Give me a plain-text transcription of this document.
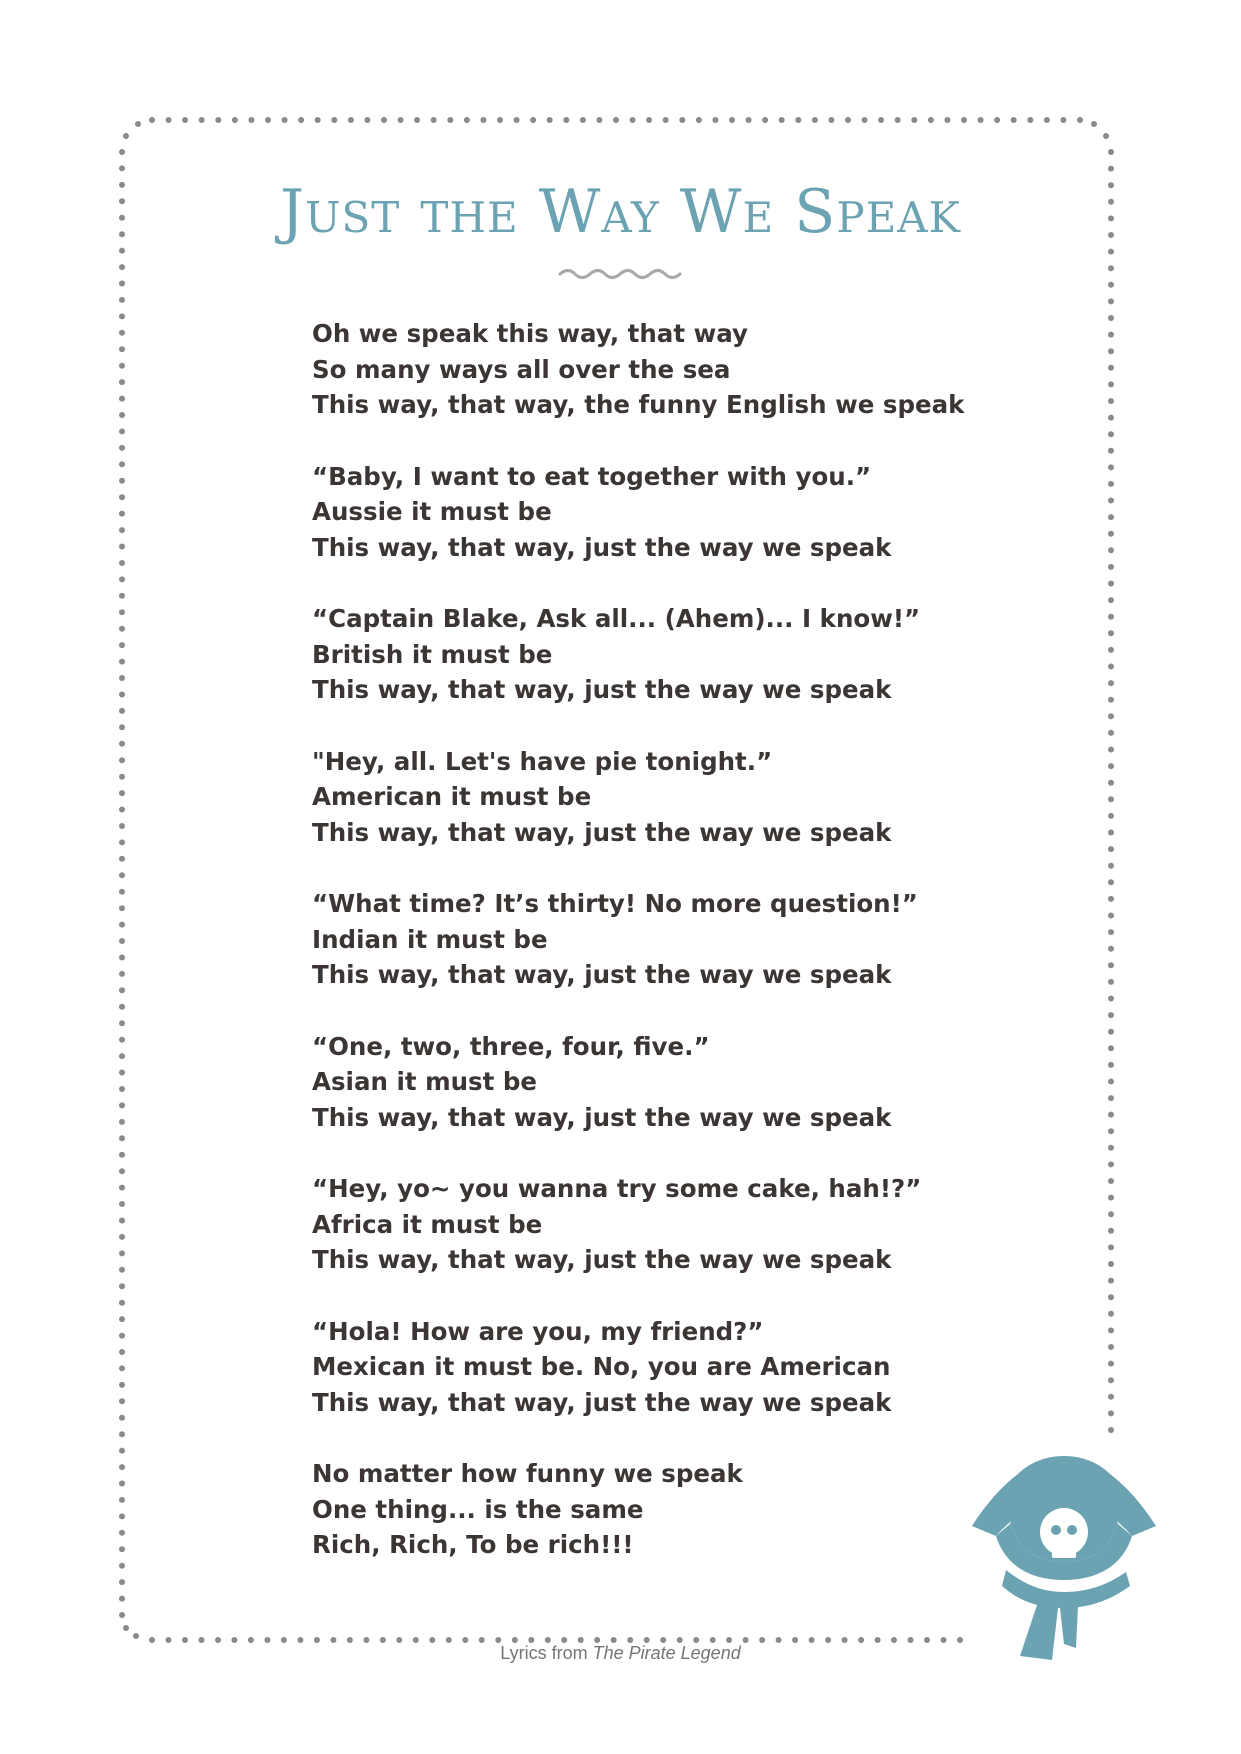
Just the Way We Speak
Oh we speak this way, that way
So many ways all over the sea
This way, that way, the funny English we speak
“Baby, I want to eat together with you.”
Aussie it must be
This way, that way, just the way we speak
“Captain Blake, Ask all... (Ahem)... I know!”
British it must be
This way, that way, just the way we speak
"Hey, all. Let's have pie tonight.”
American it must be
This way, that way, just the way we speak
“What time? It’s thirty! No more question!”
Indian it must be
This way, that way, just the way we speak
“One, two, three, four, five.”
Asian it must be
This way, that way, just the way we speak
“Hey, yo~ you wanna try some cake, hah!?”
Africa it must be
This way, that way, just the way we speak
“Hola! How are you, my friend?”
Mexican it must be. No, you are American
This way, that way, just the way we speak
No matter how funny we speak
One thing... is the same
Rich, Rich, To be rich!!!
Lyrics from The Pirate Legend
